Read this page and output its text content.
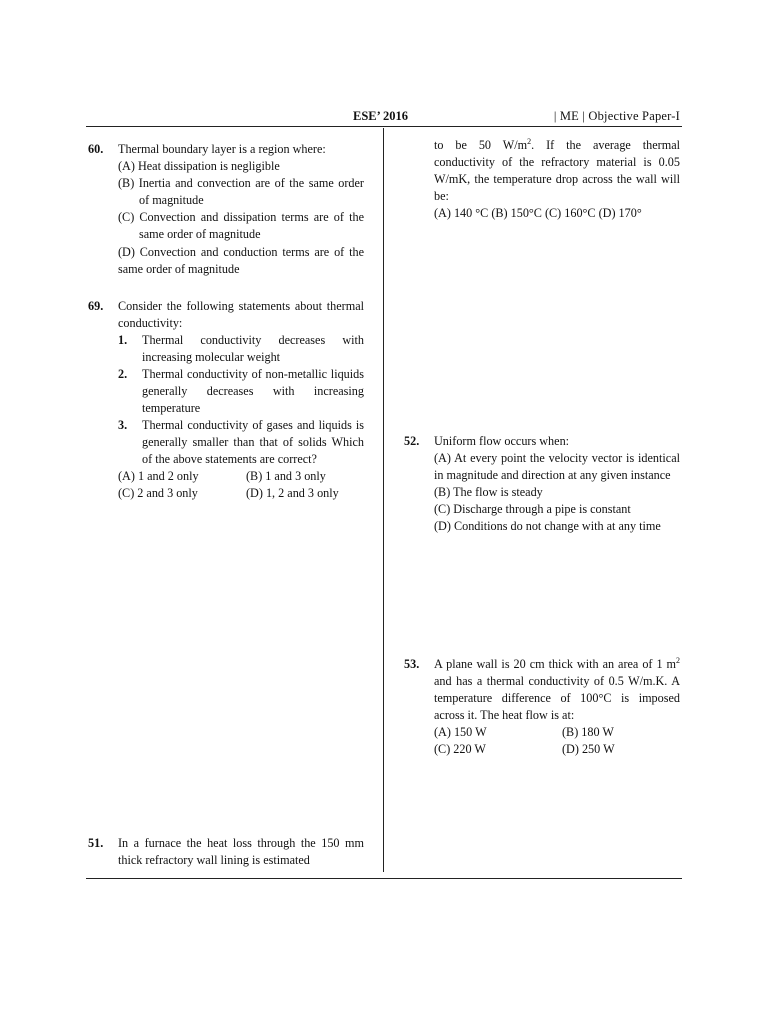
ESE’ 2016	| ME | Objective Paper-I
60. Thermal boundary layer is a region where:
(A) Heat dissipation is negligible
(B) Inertia and convection are of the same order of magnitude
(C) Convection and dissipation terms are of the same order of magnitude
(D) Convection and conduction terms are of the same order of magnitude
69. Consider the following statements about thermal conductivity:
1. Thermal conductivity decreases with increasing molecular weight
2. Thermal conductivity of non-metallic liquids generally decreases with increasing temperature
3. Thermal conductivity of gases and liquids is generally smaller than that of solids Which of the above statements are correct?
(A) 1 and 2 only	(B) 1 and 3 only
(C) 2 and 3 only	(D) 1, 2 and 3 only
51. In a furnace the heat loss through the 150 mm thick refractory wall lining is estimated
to be 50 $W/m^2$. If the average thermal conductivity of the refractory material is 0.05 W/mK, the temperature drop across the wall will be:
(A) 140 °C (B) 150°C (C) 160°C (D) 170°
52. Uniform flow occurs when:
(A) At every point the velocity vector is identical in magnitude and direction at any given instance
(B) The flow is steady
(C) Discharge through a pipe is constant
(D) Conditions do not change with at any time
53. A plane wall is 20 cm thick with an area of 1 $m^2$ and has a thermal conductivity of 0.5 W/m.K. A temperature difference of 100°C is imposed across it. The heat flow is at:
(A) 150 W	(B) 180 W
(C) 220 W	(D) 250 W
